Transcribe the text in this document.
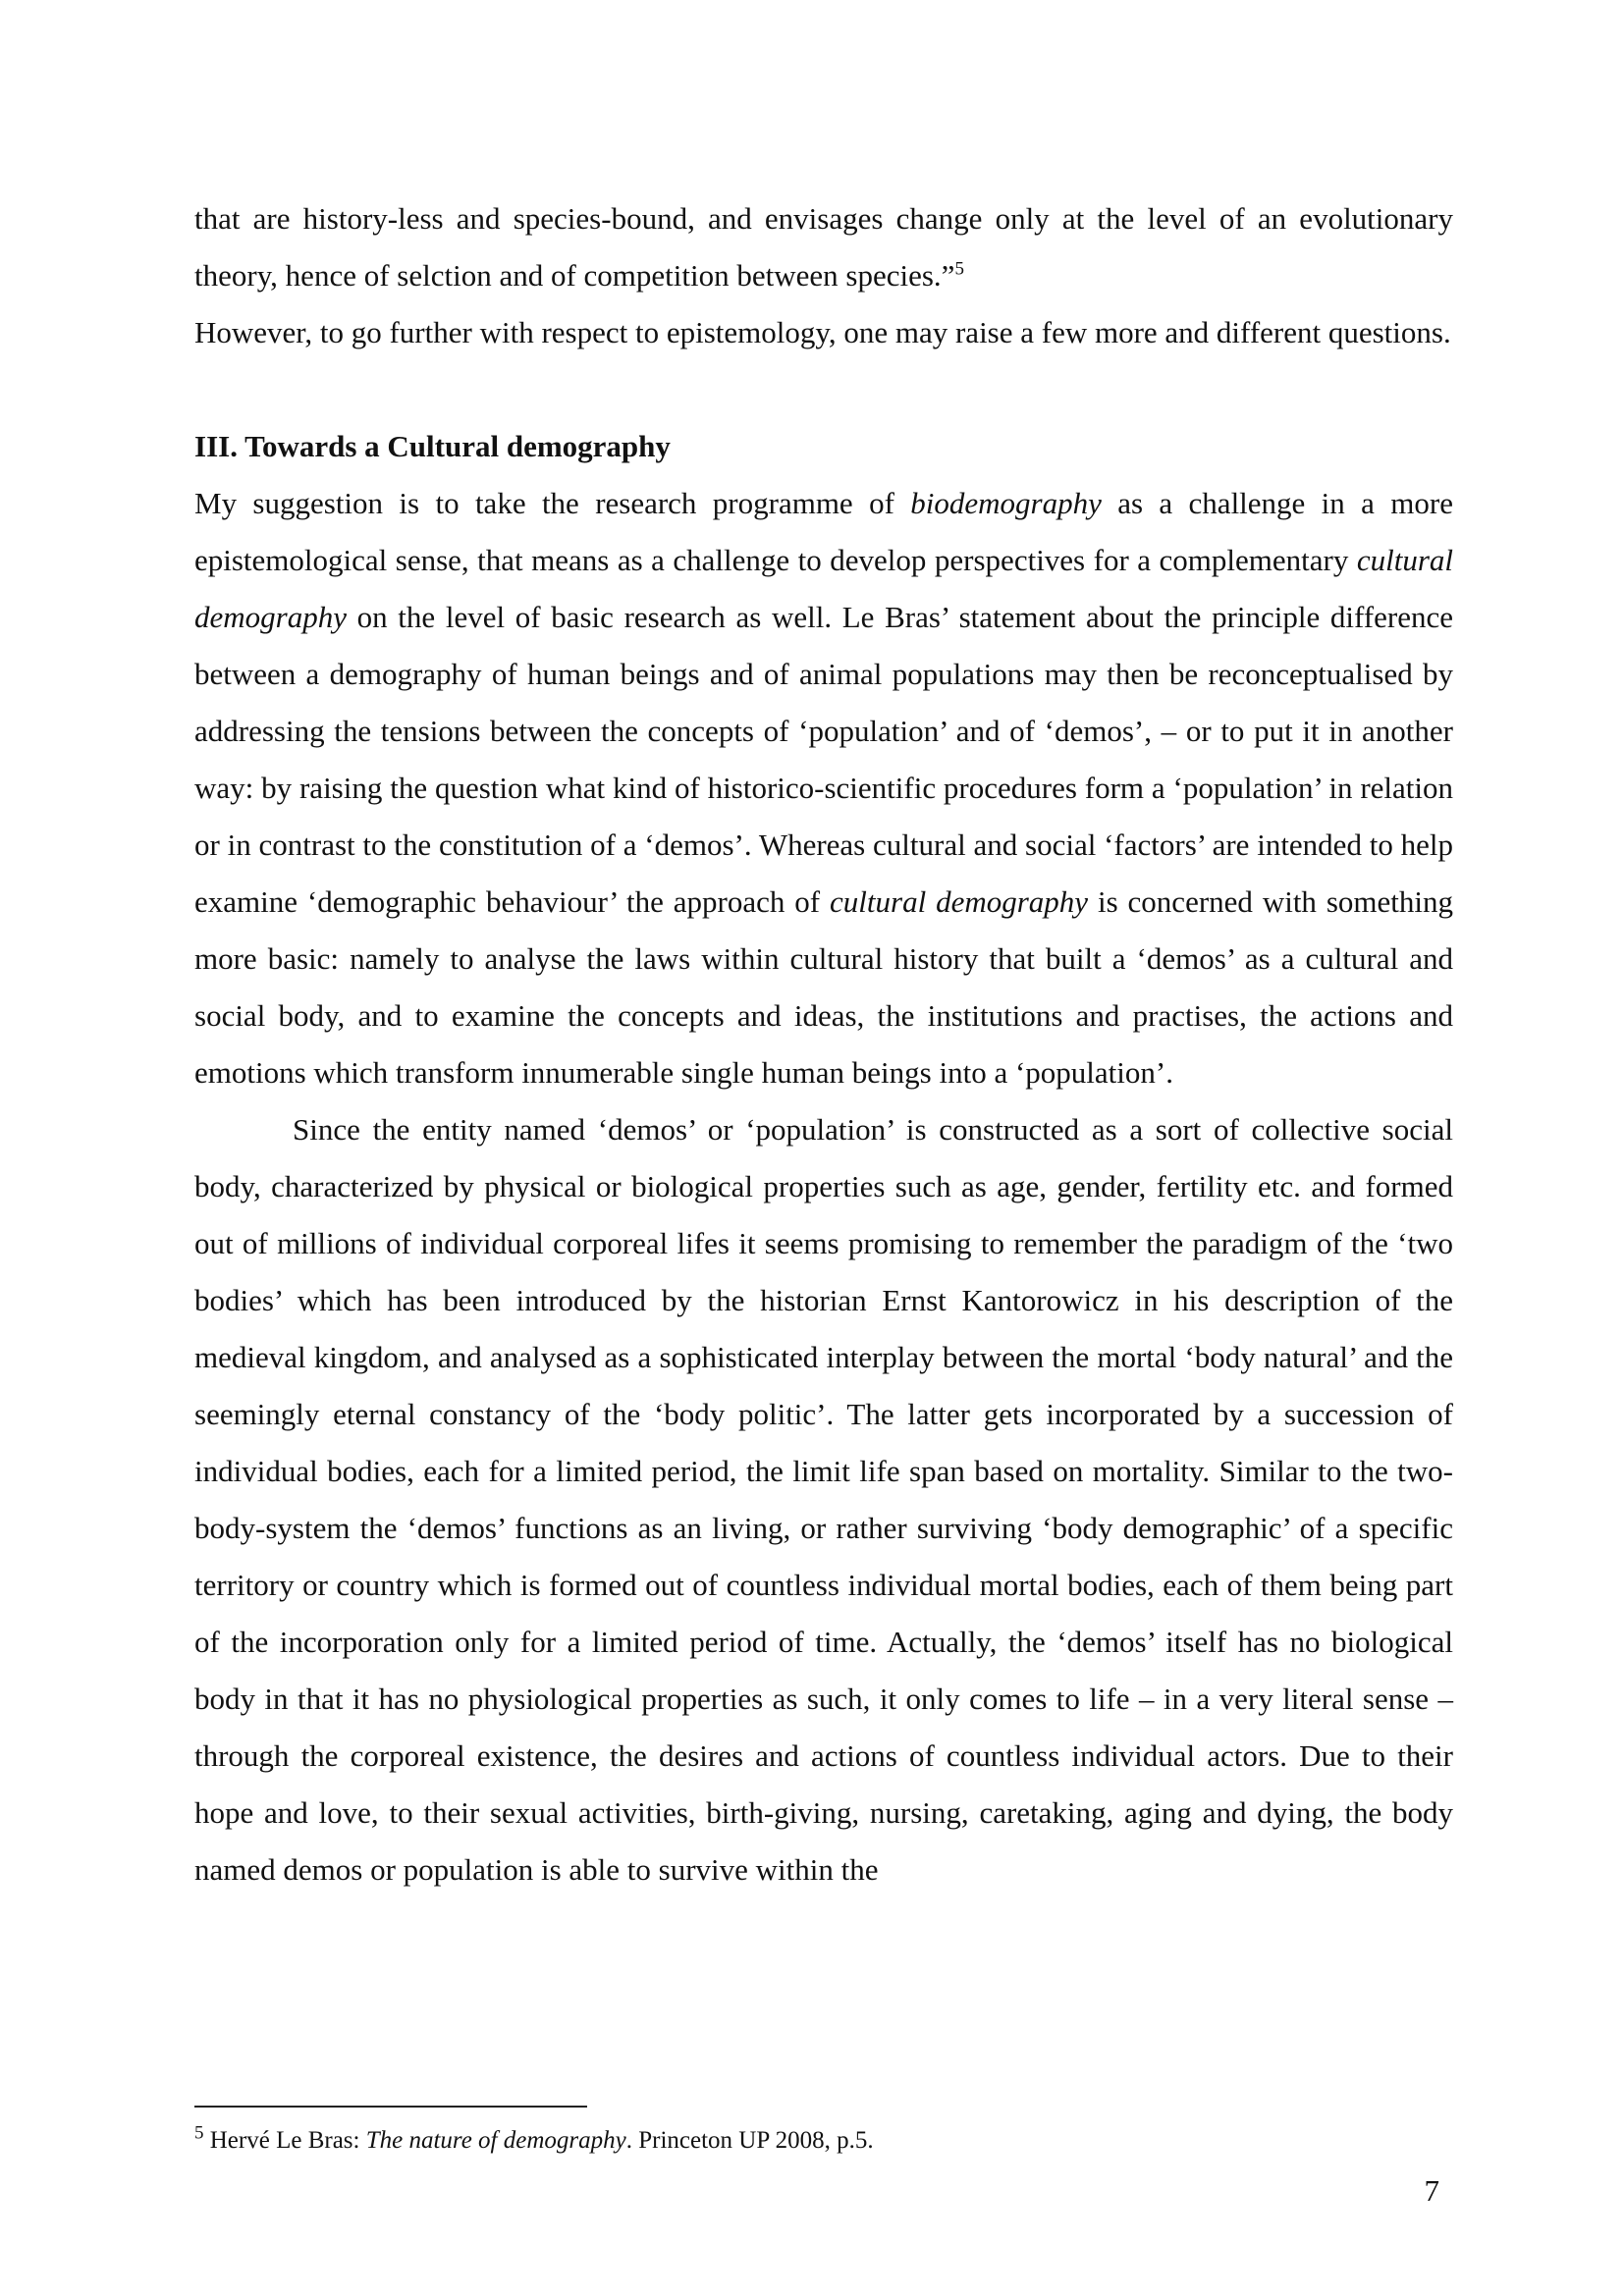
that are history-less and species-bound, and envisages change only at the level of an evolutionary theory, hence of selction and of competition between species.”$^5$

However, to go further with respect to epistemology, one may raise a few more and different questions.

III. Towards a Cultural demography

My suggestion is to take the research programme of biodemography as a challenge in a more epistemological sense, that means as a challenge to develop perspectives for a complementary cultural demography on the level of basic research as well. Le Bras’ statement about the principle difference between a demography of human beings and of animal populations may then be reconceptualised by addressing the tensions between the concepts of ‘population’ and of ‘demos’, – or to put it in another way: by raising the question what kind of historico-scientific procedures form a ‘population’ in relation or in contrast to the constitution of a ‘demos’. Whereas cultural and social ‘factors’ are intended to help examine ‘demographic behaviour’ the approach of cultural demography is concerned with something more basic: namely to analyse the laws within cultural history that built a ‘demos’ as a cultural and social body, and to examine the concepts and ideas, the institutions and practises, the actions and emotions which transform innumerable single human beings into a ‘population’.

Since the entity named ‘demos’ or ‘population’ is constructed as a sort of collective social body, characterized by physical or biological properties such as age, gender, fertility etc. and formed out of millions of individual corporeal lifes it seems promising to remember the paradigm of the ‘two bodies’ which has been introduced by the historian Ernst Kantorowicz in his description of the medieval kingdom, and analysed as a sophisticated interplay between the mortal ‘body natural’ and the seemingly eternal constancy of the ‘body politic’. The latter gets incorporated by a succession of individual bodies, each for a limited period, the limit life span based on mortality. Similar to the two-body-system the ‘demos’ functions as an living, or rather surviving ‘body demographic’ of a specific territory or country which is formed out of countless individual mortal bodies, each of them being part of the incorporation only for a limited period of time. Actually, the ‘demos’ itself has no biological body in that it has no physiological properties as such, it only comes to life – in a very literal sense – through the corporeal existence, the desires and actions of countless individual actors. Due to their hope and love, to their sexual activities, birth-giving, nursing, caretaking, aging and dying, the body named demos or population is able to survive within the

$^5$ Hervé Le Bras: The nature of demography. Princeton UP 2008, p.5.
7
